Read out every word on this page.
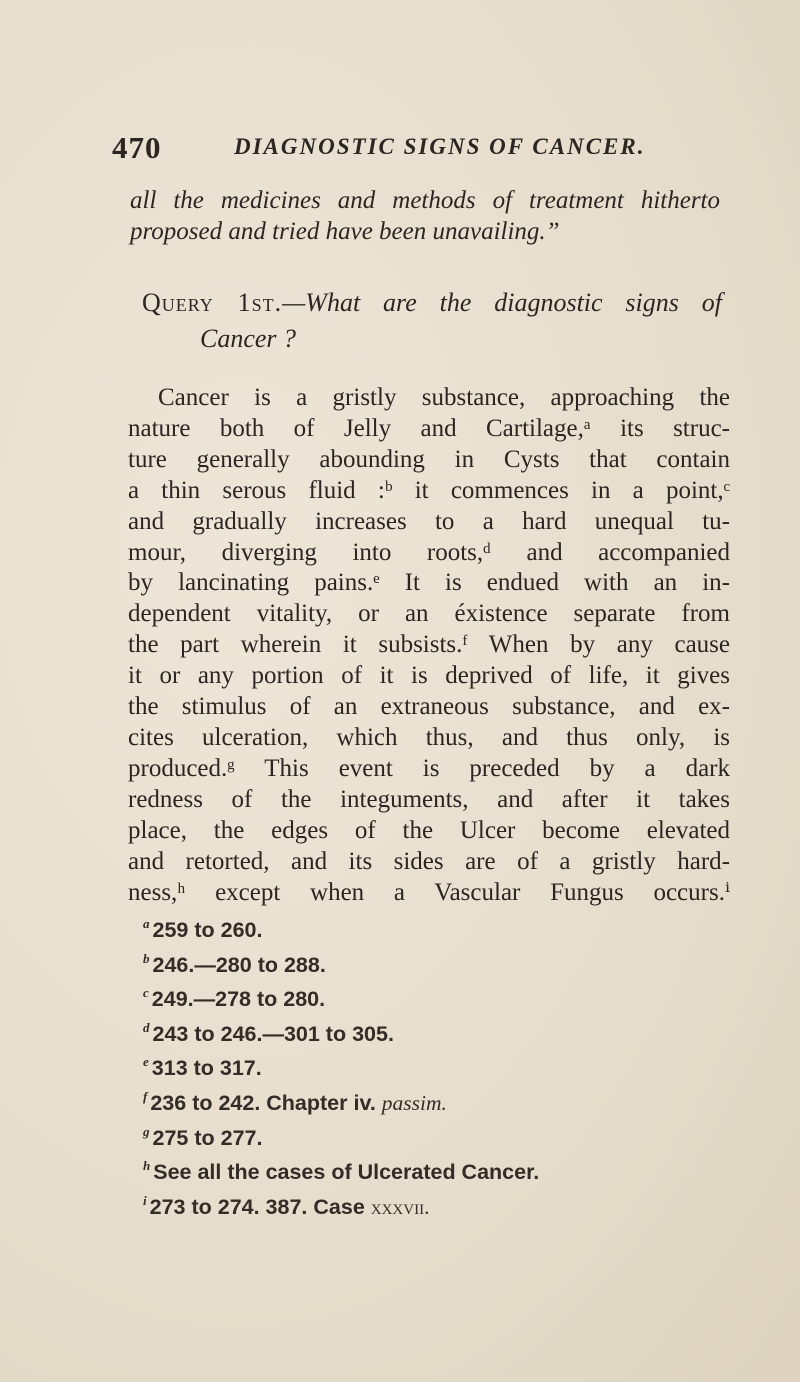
470	DIAGNOSTIC SIGNS OF CANCER.
all the medicines and methods of treatment hitherto
proposed and tried have been unavailing.”
Query 1st.—What are the diagnostic signs of
Cancer ?
Cancer is a gristly substance, approaching the
nature both of Jelly and Cartilage,ᵃ its struc-
ture generally abounding in Cysts that contain
a thin serous fluid :ᵇ it commences in a point,ᶜ
and gradually increases to a hard unequal tu-
mour, diverging into roots,ᵈ and accompanied
by lancinating pains.ᵉ It is endued with an in-
dependent vitality, or an éxistence separate from
the part wherein it subsists.ᶠ When by any cause
it or any portion of it is deprived of life, it gives
the stimulus of an extraneous substance, and ex-
cites ulceration, which thus, and thus only, is
produced.ᵍ This event is preceded by a dark
redness of the integuments, and after it takes
place, the edges of the Ulcer become elevated
and retorted, and its sides are of a gristly hard-
ness,ʰ except when a Vascular Fungus occurs.ⁱ
$^a$ 259 to 260.
$^b$ 246.—280 to 288.
$^c$ 249.—278 to 280.
$^d$ 243 to 246.—301 to 305.
$^e$ 313 to 317.
$^f$ 236 to 242. Chapter iv. passim.
$^g$ 275 to 277.
$^h$ See all the cases of Ulcerated Cancer.
$^i$ 273 to 274. 387. Case xxxvii.
